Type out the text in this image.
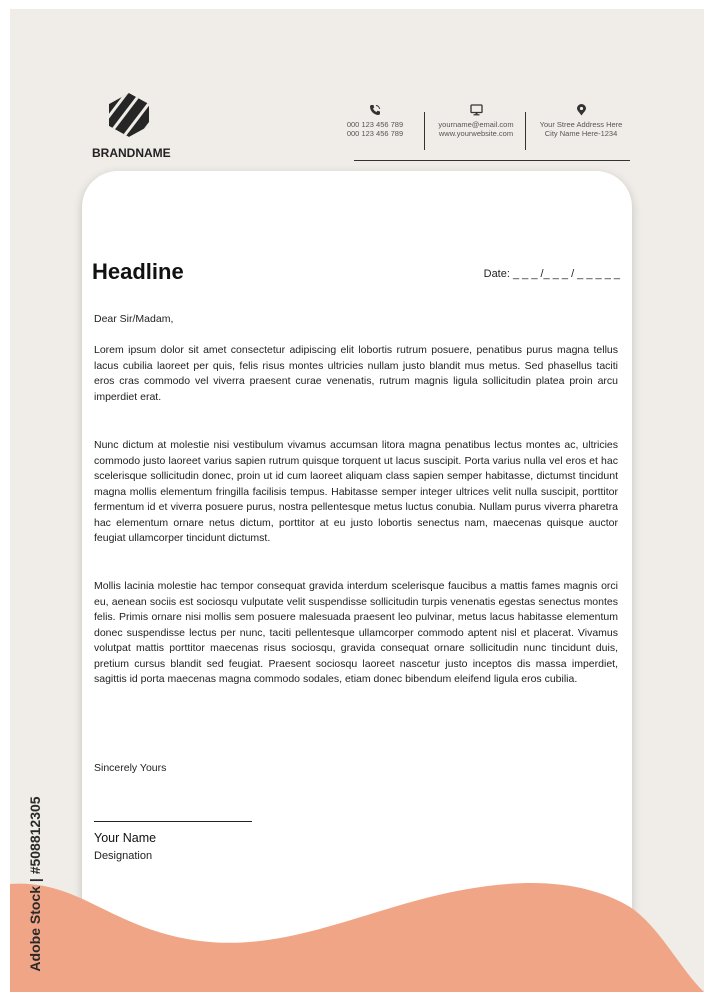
BRANDNAME
000 123 456 789
000 123 456 789
yourname@email.com
www.yourwebsite.com
Your Stree Address Here
City Name Here-1234
Headline	Date: _ _ _ /_ _ _ / _ _ _ _ _

Dear Sir/Madam,

Lorem ipsum dolor sit amet consectetur adipiscing elit lobortis rutrum posuere, penatibus purus magna tellus lacus cubilia laoreet per quis, felis risus montes ultricies nullam justo blandit mus metus. Sed phasellus taciti eros cras commodo vel viverra praesent curae venenatis, rutrum magnis ligula sollicitudin platea proin arcu imperdiet erat.

Nunc dictum at molestie nisi vestibulum vivamus accumsan litora magna penatibus lectus montes ac, ultricies commodo justo laoreet varius sapien rutrum quisque torquent ut lacus suscipit. Porta varius nulla vel eros et hac scelerisque sollicitudin donec, proin ut id cum laoreet aliquam class sapien semper habitasse, dictumst tincidunt magna mollis elementum fringilla facilisis tempus. Habitasse semper integer ultrices velit nulla suscipit, porttitor fermentum id et viverra posuere purus, nostra pellentesque metus luctus conubia. Nullam purus viverra pharetra hac elementum ornare netus dictum, porttitor at eu justo lobortis senectus nam, maecenas quisque auctor feugiat ullamcorper tincidunt dictumst.

Mollis lacinia molestie hac tempor consequat gravida interdum scelerisque faucibus a mattis fames magnis orci eu, aenean sociis est sociosqu vulputate velit suspendisse sollicitudin turpis venenatis egestas senectus montes felis. Primis ornare nisi mollis sem posuere malesuada praesent leo pulvinar, metus lacus habitasse elementum donec suspendisse lectus per nunc, taciti pellentesque ullamcorper commodo aptent nisl et placerat. Vivamus volutpat mattis porttitor maecenas risus sociosqu, gravida consequat ornare sollicitudin nunc tincidunt duis, pretium cursus blandit sed feugiat. Praesent sociosqu laoreet nascetur justo inceptos dis massa imperdiet, sagittis id porta maecenas magna commodo sodales, etiam donec bibendum eleifend ligula eros cubilia.

Sincerely Yours

Your Name
Designation
Adobe Stock | #508812305
